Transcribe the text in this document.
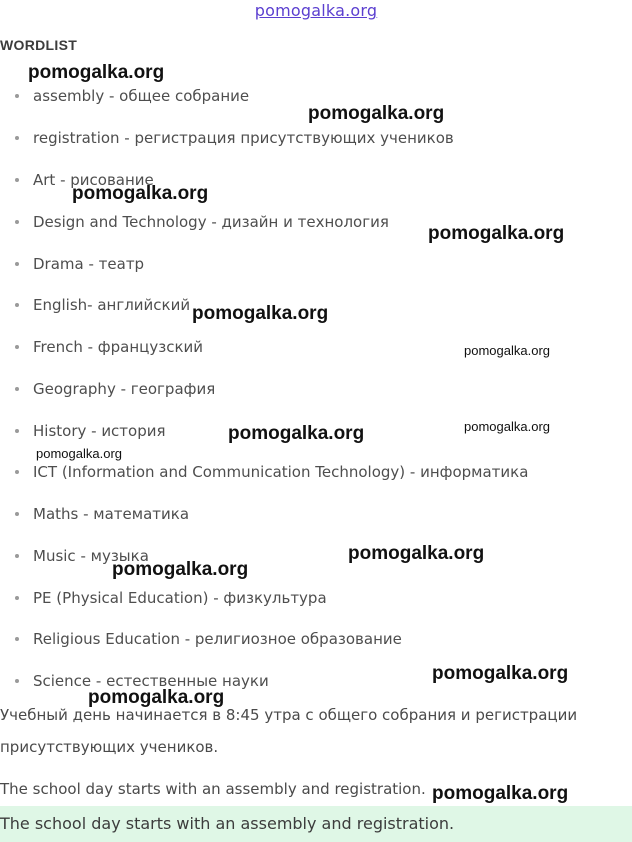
pomogalka.org
WORDLIST
assembly - общее собрание
registration - регистрация присутствующих учеников
Art - рисование
Design and Technology - дизайн и технология
Drama - театр
English- английский
French - французский
Geography - география
History - история
ICT (Information and Communication Technology) - информатика
Maths - математика
Music - музыка
PE (Physical Education) - физкультура
Religious Education - религиозное образование
Science - естественные науки
Учебный день начинается в 8:45 утра с общего собрания и регистрации
присутствующих учеников.
The school day starts with an assembly and registration.
The school day starts with an assembly and registration.
pomogalka.org
pomogalka.org
pomogalka.org
pomogalka.org
pomogalka.org
pomogalka.org
pomogalka.org
pomogalka.org
pomogalka.org
pomogalka.org
pomogalka.org
pomogalka.org
pomogalka.org
pomogalka.org
